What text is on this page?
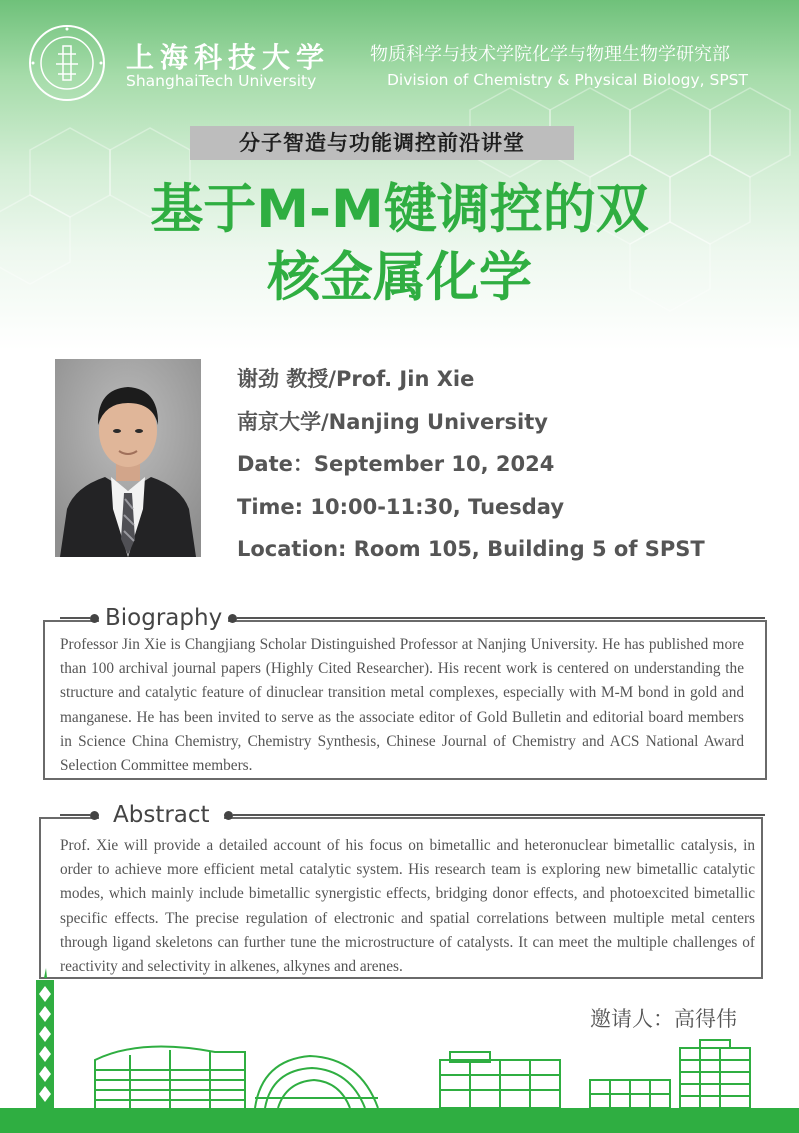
上海科技大学

ShanghaiTech University

物质科学与技术学院化学与物理生物学研究部

Division of Chemistry & Physical Biology, SPST

分子智造与功能调控前沿讲堂
基于M-M键调控的双
核金属化学
谢劲 教授/Prof. Jin Xie
南京大学/Nanjing University
Date：September 10, 2024
Time: 10:00-11:30, Tuesday
Location: Room 105, Building 5 of SPST
Biography

Professor Jin Xie is Changjiang Scholar Distinguished Professor at Nanjing University. He has published more than 100 archival journal papers (Highly Cited Researcher). His recent work is centered on understanding the structure and catalytic feature of dinuclear transition metal complexes, especially with M-M bond in gold and manganese. He has been invited to serve as the associate editor of Gold Bulletin and editorial board members in Science China Chemistry, Chemistry Synthesis, Chinese Journal of Chemistry and ACS National Award Selection Committee members.

Abstract

Prof. Xie will provide a detailed account of his focus on bimetallic and heteronuclear bimetallic catalysis, in order to achieve more efficient metal catalytic system. His research team is exploring new bimetallic catalytic modes, which mainly include bimetallic synergistic effects, bridging donor effects, and photoexcited bimetallic specific effects. The precise regulation of electronic and spatial correlations between multiple metal centers through ligand skeletons can further tune the microstructure of catalysts. It can meet the multiple challenges of reactivity and selectivity in alkenes, alkynes and arenes.

邀请人：高得伟
